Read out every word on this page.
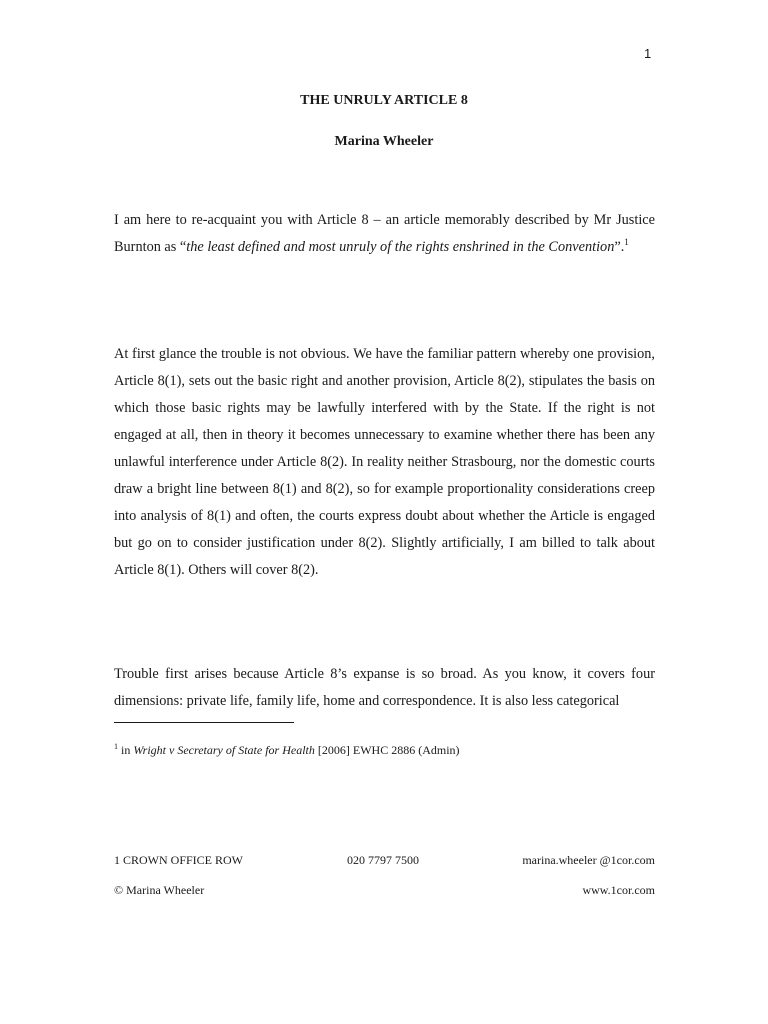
1
THE UNRULY ARTICLE 8
Marina Wheeler

I am here to re-acquaint you with Article 8 – an article memorably described by Mr Justice Burnton as “the least defined and most unruly of the rights enshrined in the Convention”.$^1$

At first glance the trouble is not obvious. We have the familiar pattern whereby one provision, Article 8(1), sets out the basic right and another provision, Article 8(2), stipulates the basis on which those basic rights may be lawfully interfered with by the State. If the right is not engaged at all, then in theory it becomes unnecessary to examine whether there has been any unlawful interference under Article 8(2). In reality neither Strasbourg, nor the domestic courts draw a bright line between 8(1) and 8(2), so for example proportionality considerations creep into analysis of 8(1) and often, the courts express doubt about whether the Article is engaged but go on to consider justification under 8(2). Slightly artificially, I am billed to talk about Article 8(1). Others will cover 8(2).

Trouble first arises because Article 8’s expanse is so broad. As you know, it covers four dimensions: private life, family life, home and correspondence. It is also less categorical

$^1$ in Wright v Secretary of State for Health [2006] EWHC 2886 (Admin)
1 CROWN OFFICE ROW	020 7797 7500	marina.wheeler @1cor.com
© Marina Wheeler	www.1cor.com
